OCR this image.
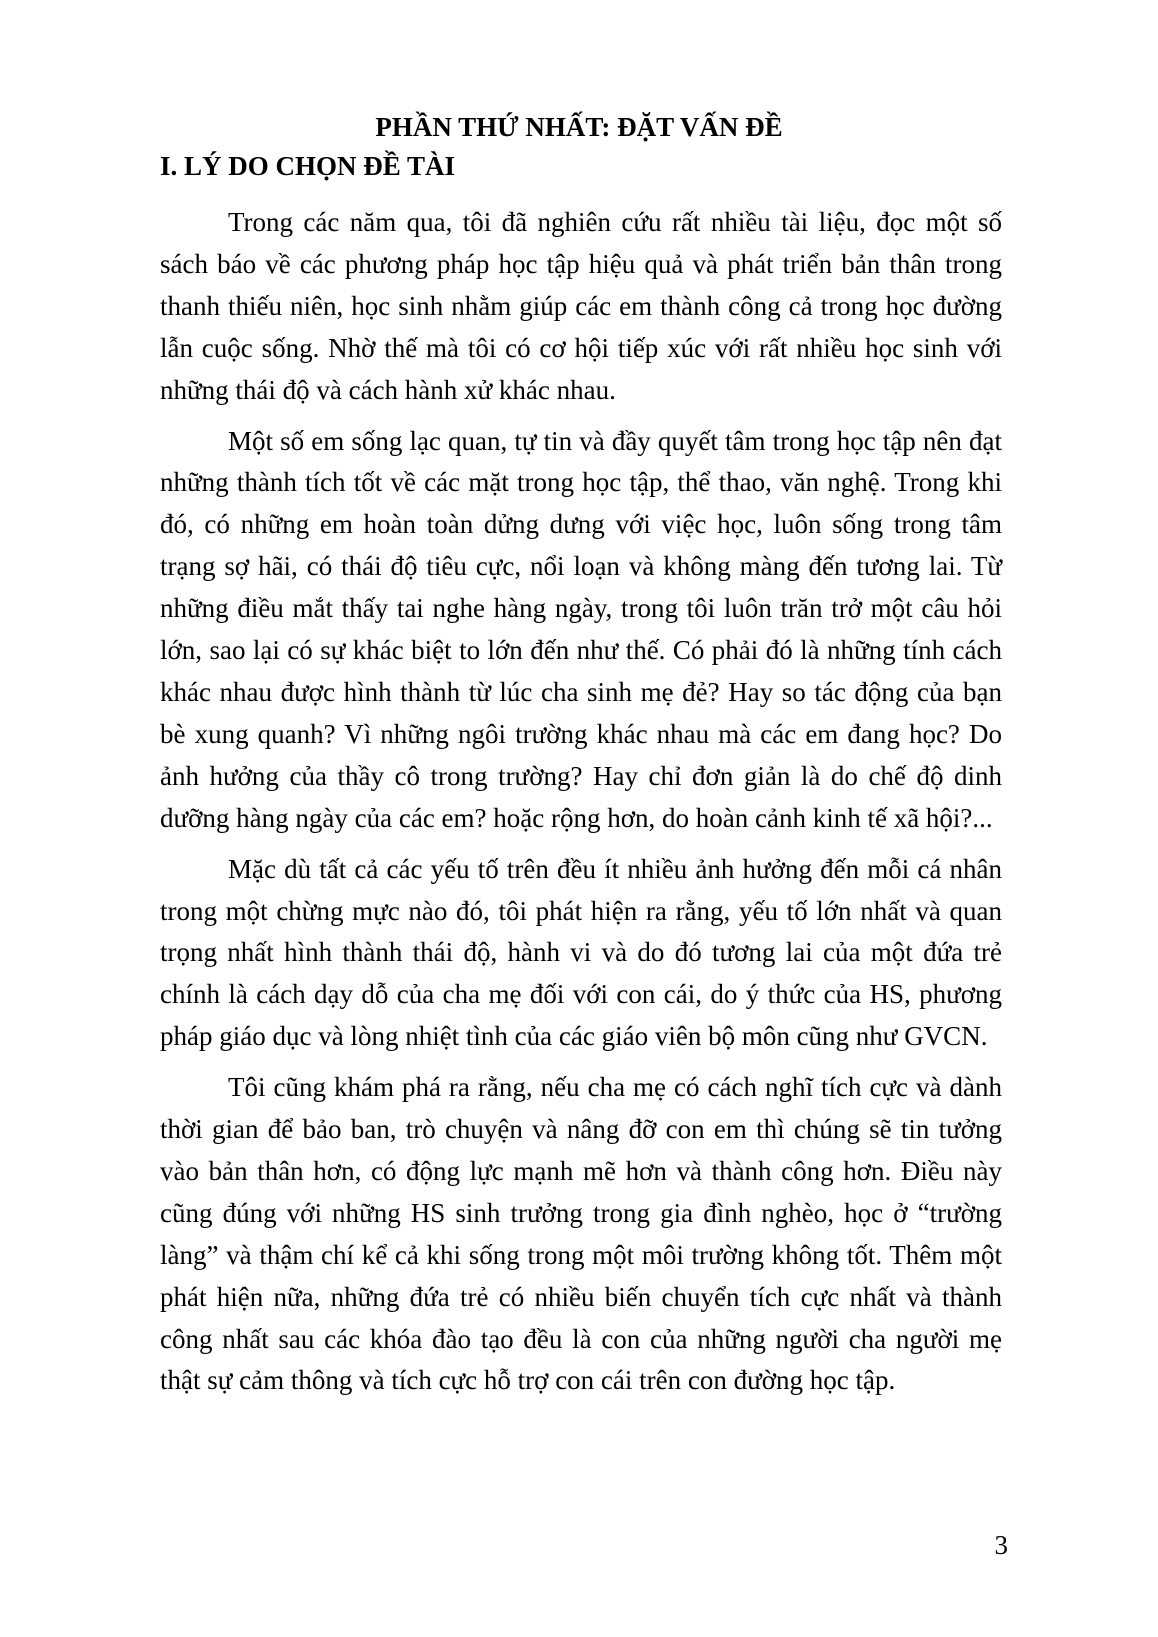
PHẦN THỨ NHẤT: ĐẶT VẤN ĐỀ
I. LÝ DO CHỌN ĐỀ TÀI

Trong các năm qua, tôi đã nghiên cứu rất nhiều tài liệu, đọc một số sách báo về các phương pháp học tập hiệu quả và phát triển bản thân trong thanh thiếu niên, học sinh nhằm giúp các em thành công cả trong học đường lẫn cuộc sống. Nhờ thế mà tôi có cơ hội tiếp xúc với rất nhiều học sinh với những thái độ và cách hành xử khác nhau.

Một số em sống lạc quan, tự tin và đầy quyết tâm trong học tập nên đạt những thành tích tốt về các mặt trong học tập, thể thao, văn nghệ. Trong khi đó, có những em hoàn toàn dửng dưng với việc học, luôn sống trong tâm trạng sợ hãi, có thái độ tiêu cực, nổi loạn và không màng đến tương lai. Từ những điều mắt thấy tai nghe hàng ngày, trong tôi luôn trăn trở một câu hỏi lớn, sao lại có sự khác biệt to lớn đến như thế. Có phải đó là những tính cách khác nhau được hình thành từ lúc cha sinh mẹ đẻ? Hay so tác động của bạn bè xung quanh? Vì những ngôi trường khác nhau mà các em đang học? Do ảnh hưởng của thầy cô trong trường? Hay chỉ đơn giản là do chế độ dinh dưỡng hàng ngày của các em? hoặc rộng hơn, do hoàn cảnh kinh tế xã hội?...

Mặc dù tất cả các yếu tố trên đều ít nhiều ảnh hưởng đến mỗi cá nhân trong một chừng mực nào đó, tôi phát hiện ra rằng, yếu tố lớn nhất và quan trọng nhất hình thành thái độ, hành vi và do đó tương lai của một đứa trẻ chính là cách dạy dỗ của cha mẹ đối với con cái, do ý thức của HS, phương pháp giáo dục và lòng nhiệt tình của các giáo viên bộ môn cũng như GVCN.

Tôi cũng khám phá ra rằng, nếu cha mẹ có cách nghĩ tích cực và dành thời gian để bảo ban, trò chuyện và nâng đỡ con em thì chúng sẽ tin tưởng vào bản thân hơn, có động lực mạnh mẽ hơn và thành công hơn. Điều này cũng đúng với những HS sinh trưởng trong gia đình nghèo, học ở “trường làng” và thậm chí kể cả khi sống trong một môi trường không tốt. Thêm một phát hiện nữa, những đứa trẻ có nhiều biến chuyển tích cực nhất và thành công nhất sau các khóa đào tạo đều là con của những người cha người mẹ thật sự cảm thông và tích cực hỗ trợ con cái trên con đường học tập.

3
